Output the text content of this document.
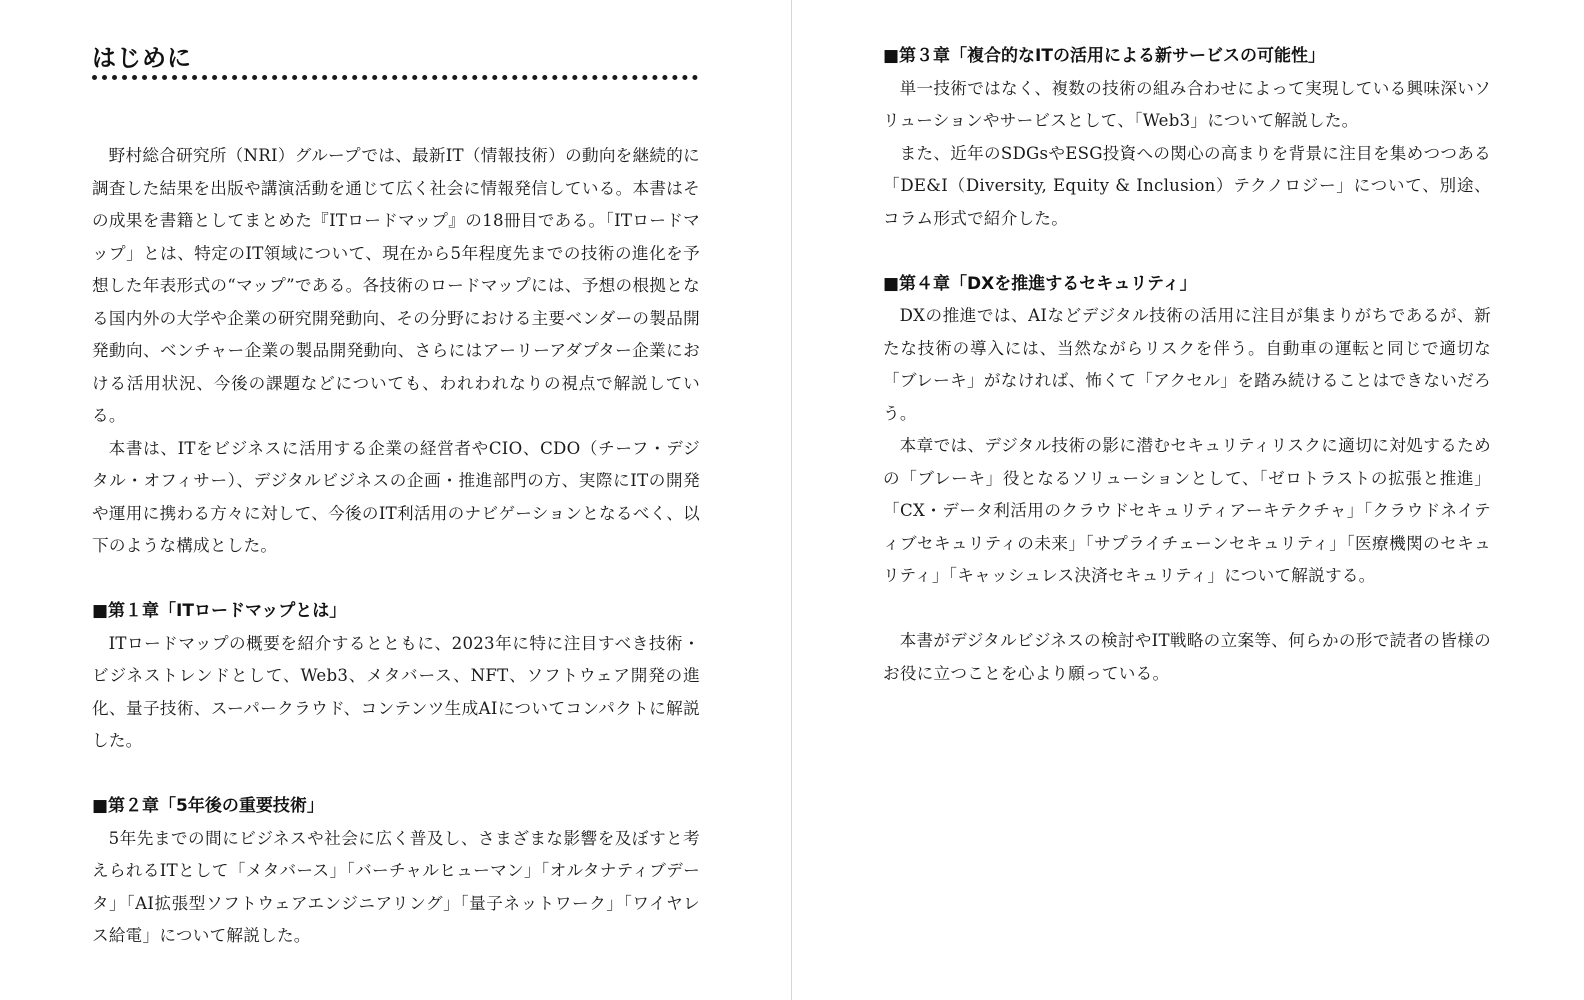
はじめに

野村総合研究所（NRI）グループでは、最新IT（情報技術）の動向を継続的に調査した結果を出版や講演活動を通じて広く社会に情報発信している。本書はその成果を書籍としてまとめた『ITロードマップ』の18冊目である。「ITロードマップ」とは、特定のIT領域について、現在から5年程度先までの技術の進化を予想した年表形式の“マップ”である。各技術のロードマップには、予想の根拠となる国内外の大学や企業の研究開発動向、その分野における主要ベンダーの製品開発動向、ベンチャー企業の製品開発動向、さらにはアーリーアダプター企業における活用状況、今後の課題などについても、われわれなりの視点で解説している。

本書は、ITをビジネスに活用する企業の経営者やCIO、CDO（チーフ・デジタル・オフィサー）、デジタルビジネスの企画・推進部門の方、実際にITの開発や運用に携わる方々に対して、今後のIT利活用のナビゲーションとなるべく、以下のような構成とした。

■第１章「ITロードマップとは」

ITロードマップの概要を紹介するとともに、2023年に特に注目すべき技術・ビジネストレンドとして、Web3、メタバース、NFT、ソフトウェア開発の進化、量子技術、スーパークラウド、コンテンツ生成AIについてコンパクトに解説した。

■第２章「5年後の重要技術」

5年先までの間にビジネスや社会に広く普及し、さまざまな影響を及ぼすと考えられるITとして「メタバース」「バーチャルヒューマン」「オルタナティブデータ」「AI拡張型ソフトウェアエンジニアリング」「量子ネットワーク」「ワイヤレス給電」について解説した。

■第３章「複合的なITの活用による新サービスの可能性」

単一技術ではなく、複数の技術の組み合わせによって実現している興味深いソリューションやサービスとして、「Web3」について解説した。

また、近年のSDGsやESG投資への関心の高まりを背景に注目を集めつつある「DE&I（Diversity, Equity & Inclusion）テクノロジー」について、別途、コラム形式で紹介した。

■第４章「DXを推進するセキュリティ」

DXの推進では、AIなどデジタル技術の活用に注目が集まりがちであるが、新たな技術の導入には、当然ながらリスクを伴う。自動車の運転と同じで適切な「ブレーキ」がなければ、怖くて「アクセル」を踏み続けることはできないだろう。

本章では、デジタル技術の影に潜むセキュリティリスクに適切に対処するための「ブレーキ」役となるソリューションとして、「ゼロトラストの拡張と推進」「CX・データ利活用のクラウドセキュリティアーキテクチャ」「クラウドネイティブセキュリティの未来」「サプライチェーンセキュリティ」「医療機関のセキュリティ」「キャッシュレス決済セキュリティ」について解説する。

本書がデジタルビジネスの検討やIT戦略の立案等、何らかの形で読者の皆様のお役に立つことを心より願っている。
